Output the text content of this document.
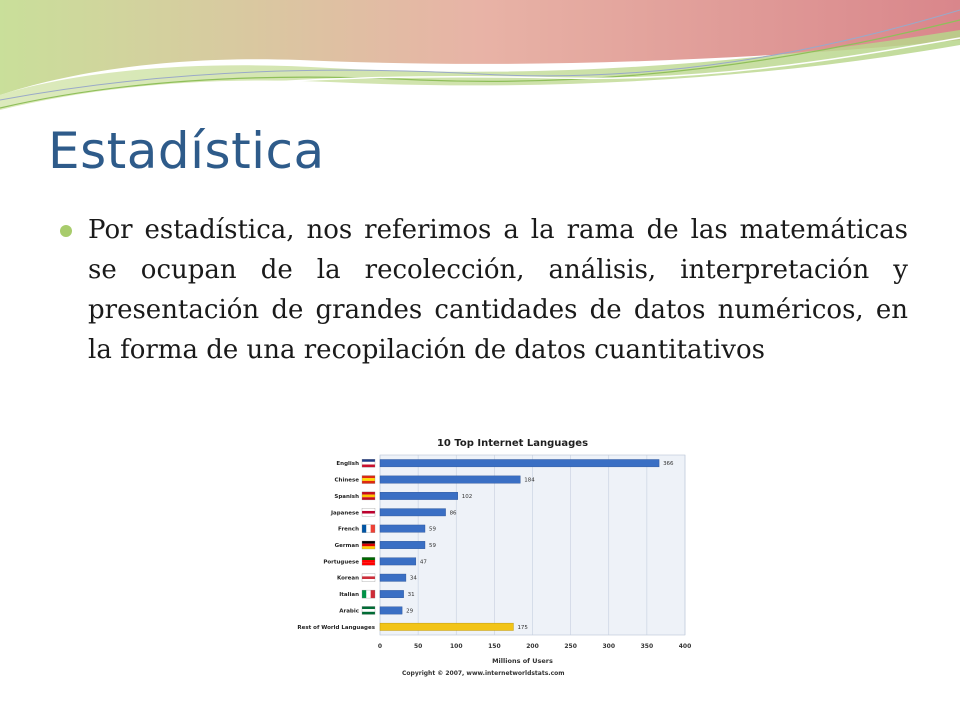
Estadística
Por estadística, nos referimos a la rama de las matemáticas se ocupan de la recolección, análisis, interpretación y presentación de grandes cantidades de datos numéricos, en la forma de una recopilación de datos cuantitativos
10 Top Internet Languages
0	50	100	150	200	250	300	350	400
Millions of Users
366
English
184
Chinese
102
Spanish
86
Japanese
59
French
59
German
47
Portuguese
34
Korean
31
Italian
29
Arabic
175
Rest of World Languages
Copyright © 2007, www.internetworldstats.com
